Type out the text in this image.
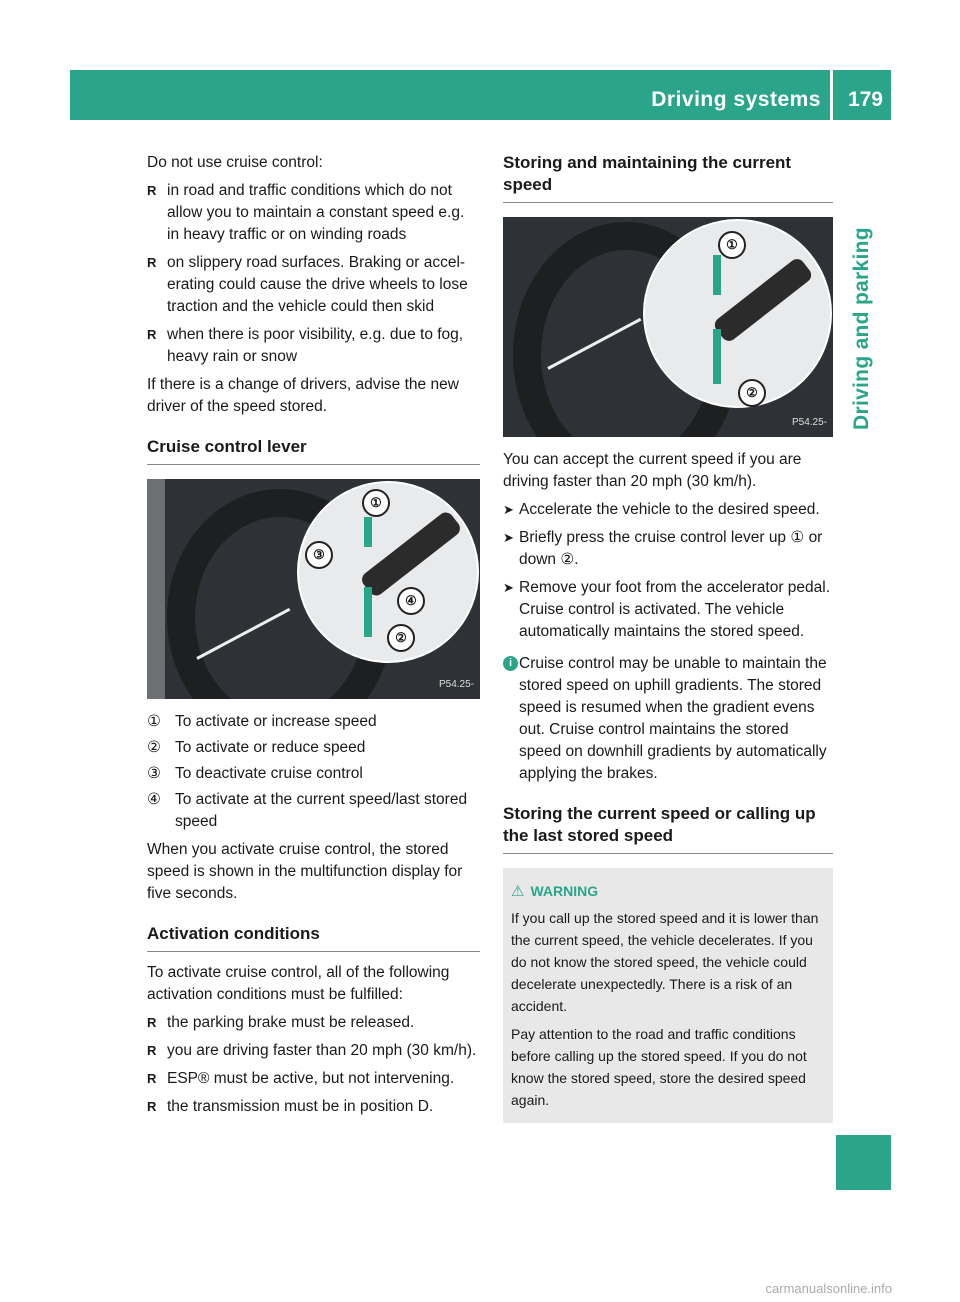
Driving systems 179
Driving and parking

Do not use cruise control:

R in road and traffic conditions which do not allow you to maintain a constant speed e.g. in heavy traffic or on winding roads
R on slippery road surfaces. Braking or accelerating could cause the drive wheels to lose traction and the vehicle could then skid
R when there is poor visibility, e.g. due to fog, heavy rain or snow

If there is a change of drivers, advise the new driver of the speed stored.

Cruise control lever
①
②
③
④
P54.25-
① To activate or increase speed
② To activate or reduce speed
③ To deactivate cruise control
④ To activate at the current speed/last stored speed

When you activate cruise control, the stored speed is shown in the multifunction display for five seconds.

Activation conditions

To activate cruise control, all of the following activation conditions must be fulfilled:

R the parking brake must be released.
R you are driving faster than 20 mph (30 km/h).
R ESP® must be active, but not intervening.
R the transmission must be in position D.
Storing and maintaining the current speed
①
②
P54.25-

You can accept the current speed if you are driving faster than 20 mph (30 km/h).

➤ Accelerate the vehicle to the desired speed.
➤ Briefly press the cruise control lever up ① or down ②.
➤ Remove your foot from the accelerator pedal. Cruise control is activated. The vehicle automatically maintains the stored speed.
i Cruise control may be unable to maintain the stored speed on uphill gradients. The stored speed is resumed when the gradient evens out. Cruise control maintains the stored speed on downhill gradients by automatically applying the brakes.
Storing the current speed or calling up the last stored speed
⚠ WARNING

If you call up the stored speed and it is lower than the current speed, the vehicle decelerates. If you do not know the stored speed, the vehicle could decelerate unexpectedly. There is a risk of an accident.

Pay attention to the road and traffic conditions before calling up the stored speed. If you do not know the stored speed, store the desired speed again.

carmanualsonline.info
